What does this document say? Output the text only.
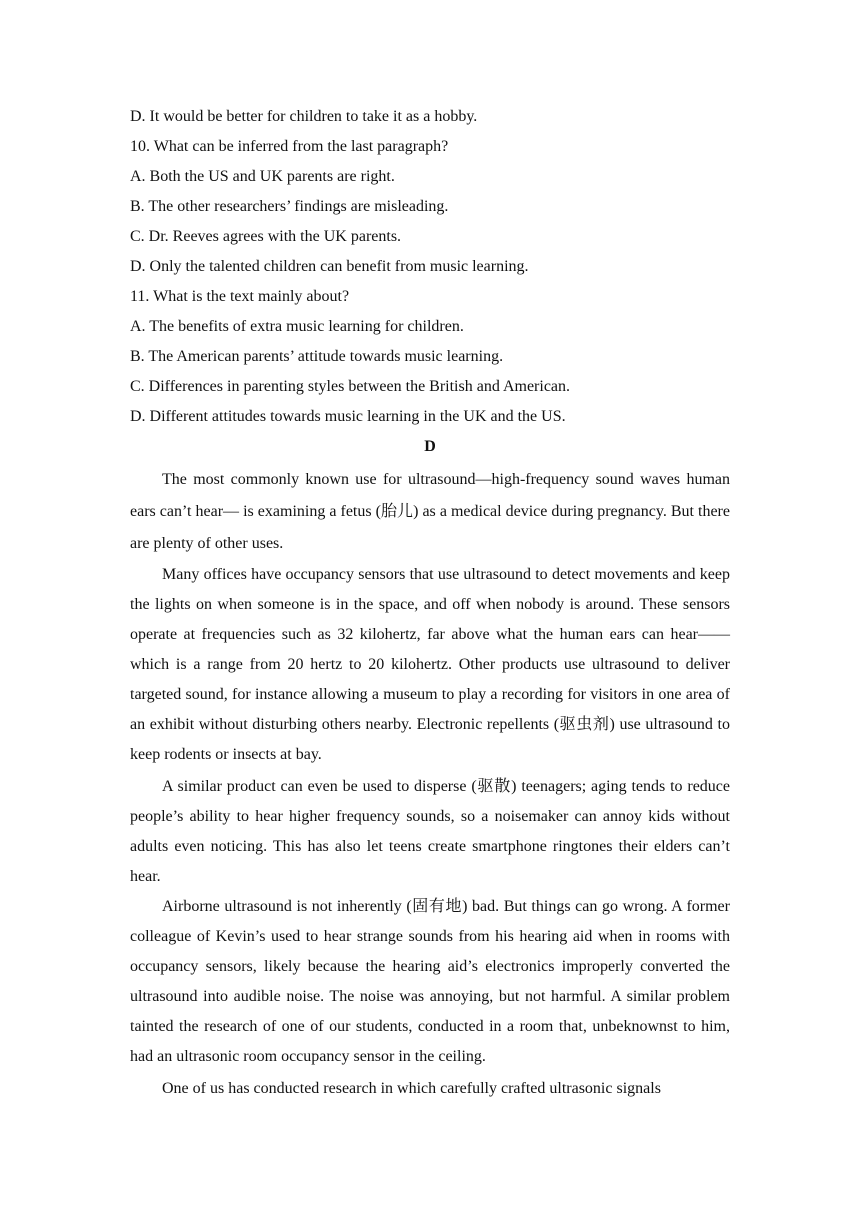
D. It would be better for children to take it as a hobby.

10. What can be inferred from the last paragraph?

A. Both the US and UK parents are right.

B. The other researchers’ findings are misleading.

C. Dr. Reeves agrees with the UK parents.

D. Only the talented children can benefit from music learning.

11. What is the text mainly about?

A. The benefits of extra music learning for children.

B. The American parents’ attitude towards music learning.

C. Differences in parenting styles between the British and American.

D. Different attitudes towards music learning in the UK and the US.

D

The most commonly known use for ultrasound—high-frequency sound waves human ears can’t hear— is examining a fetus (胎儿) as a medical device during pregnancy. But there are plenty of other uses.

Many offices have occupancy sensors that use ultrasound to detect movements and keep the lights on when someone is in the space, and off when nobody is around. These sensors operate at frequencies such as 32 kilohertz, far above what the human ears can hear——which is a range from 20 hertz to 20 kilohertz. Other products use ultrasound to deliver targeted sound, for instance allowing a museum to play a recording for visitors in one area of an exhibit without disturbing others nearby. Electronic repellents (驱虫剂) use ultrasound to keep rodents or insects at bay.

A similar product can even be used to disperse (驱散) teenagers; aging tends to reduce people’s ability to hear higher frequency sounds, so a noisemaker can annoy kids without adults even noticing. This has also let teens create smartphone ringtones their elders can’t hear.

Airborne ultrasound is not inherently (固有地) bad. But things can go wrong. A former colleague of Kevin’s used to hear strange sounds from his hearing aid when in rooms with occupancy sensors, likely because the hearing aid’s electronics improperly converted the ultrasound into audible noise. The noise was annoying, but not harmful. A similar problem tainted the research of one of our students, conducted in a room that, unbeknownst to him, had an ultrasonic room occupancy sensor in the ceiling.

One of us has conducted research in which carefully crafted ultrasonic signals
